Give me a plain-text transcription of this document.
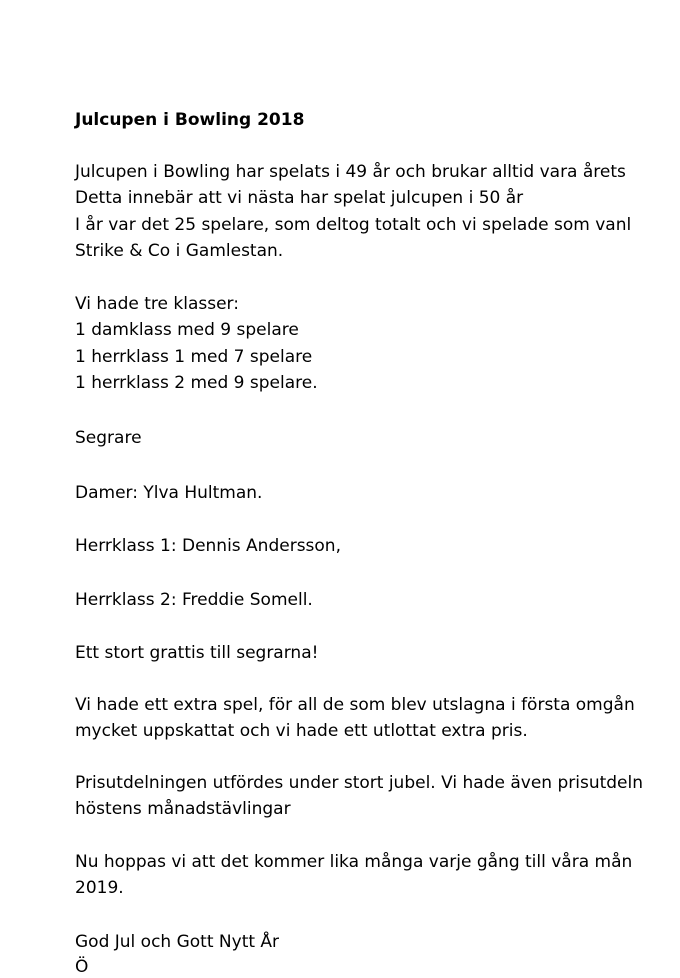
Julcupen i Bowling 2018

Julcupen i Bowling har spelats i 49 år och brukar alltid vara årets
Detta innebär att vi nästa har spelat julcupen i 50 år
I år var det 25 spelare, som deltog totalt och vi spelade som vanl
Strike & Co i Gamlestan.

Vi hade tre klasser:
1 damklass med 9 spelare
1 herrklass 1 med 7 spelare
1 herrklass 2 med 9 spelare.

Segrare

Damer: Ylva Hultman.

Herrklass 1: Dennis Andersson,

Herrklass 2: Freddie Somell.

Ett stort grattis till segrarna!

Vi hade ett extra spel, för all de som blev utslagna i första omgån
mycket uppskattat och vi hade ett utlottat extra pris.

Prisutdelningen utfördes under stort jubel. Vi hade även prisutdeln
höstens månadstävlingar

Nu hoppas vi att det kommer lika många varje gång till våra mån
2019.

God Jul och Gott Nytt År

Ö
